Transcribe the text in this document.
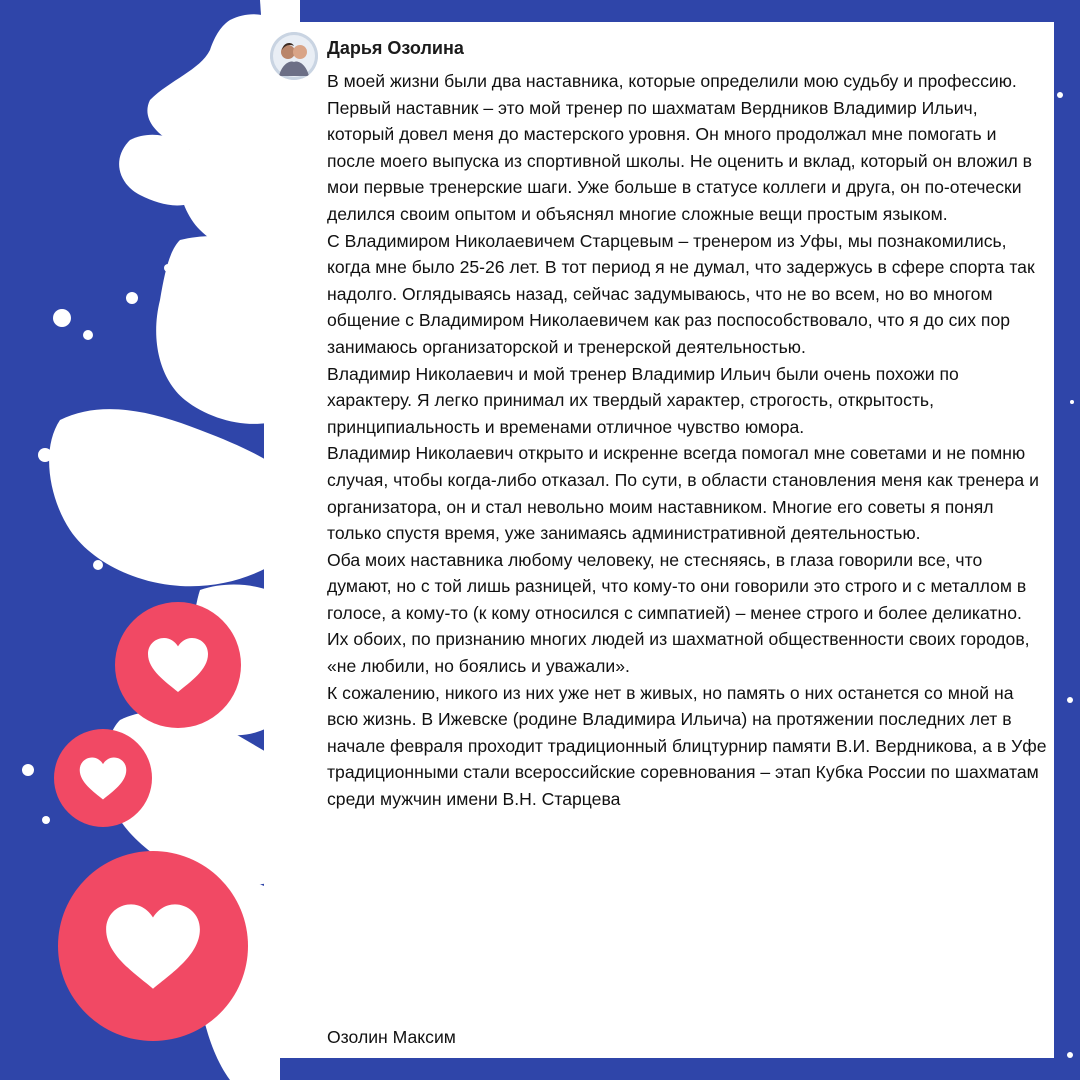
Дарья Озолина

В моей жизни были два наставника, которые определили мою судьбу и профессию. Первый наставник – это мой тренер по шахматам Вердников Владимир Ильич, который довел меня до мастерского уровня. Он много продолжал мне помогать и после моего выпуска из спортивной школы. Не оценить и вклад, который он вложил в мои первые тренерские шаги. Уже больше в статусе коллеги и друга, он по-отечески делился своим опытом и объяснял многие сложные вещи простым языком.

С Владимиром Николаевичем Старцевым – тренером из Уфы, мы познакомились, когда мне было 25-26 лет. В тот период я не думал, что задержусь в сфере спорта так надолго. Оглядываясь назад, сейчас задумываюсь, что не во всем, но во многом общение с Владимиром Николаевичем как раз поспособствовало, что я до сих пор занимаюсь организаторской и тренерской деятельностью.

Владимир Николаевич и мой тренер Владимир Ильич были очень похожи по характеру. Я легко принимал их твердый характер, строгость, открытость, принципиальность и временами отличное чувство юмора.

Владимир Николаевич открыто и искренне всегда помогал мне советами и не помню случая, чтобы когда-либо отказал. По сути, в области становления меня как тренера и организатора, он и стал невольно моим наставником. Многие его советы я понял только спустя время, уже занимаясь административной деятельностью.

Оба моих наставника любому человеку, не стесняясь, в глаза говорили все, что думают, но с той лишь разницей, что кому-то они говорили это строго и с металлом в голосе, а кому-то (к кому относился с симпатией) – менее строго и более деликатно. Их обоих, по признанию многих людей из шахматной общественности своих городов, «не любили, но боялись и уважали».

К сожалению, никого из них уже нет в живых, но память о них останется со мной на всю жизнь. В Ижевске (родине Владимира Ильича) на протяжении последних лет в начале февраля проходит традиционный блицтурнир памяти В.И. Вердникова, а в Уфе традиционными стали всероссийские соревнования – этап Кубка России по шахматам среди мужчин имени В.Н. Старцева

Озолин Максим
